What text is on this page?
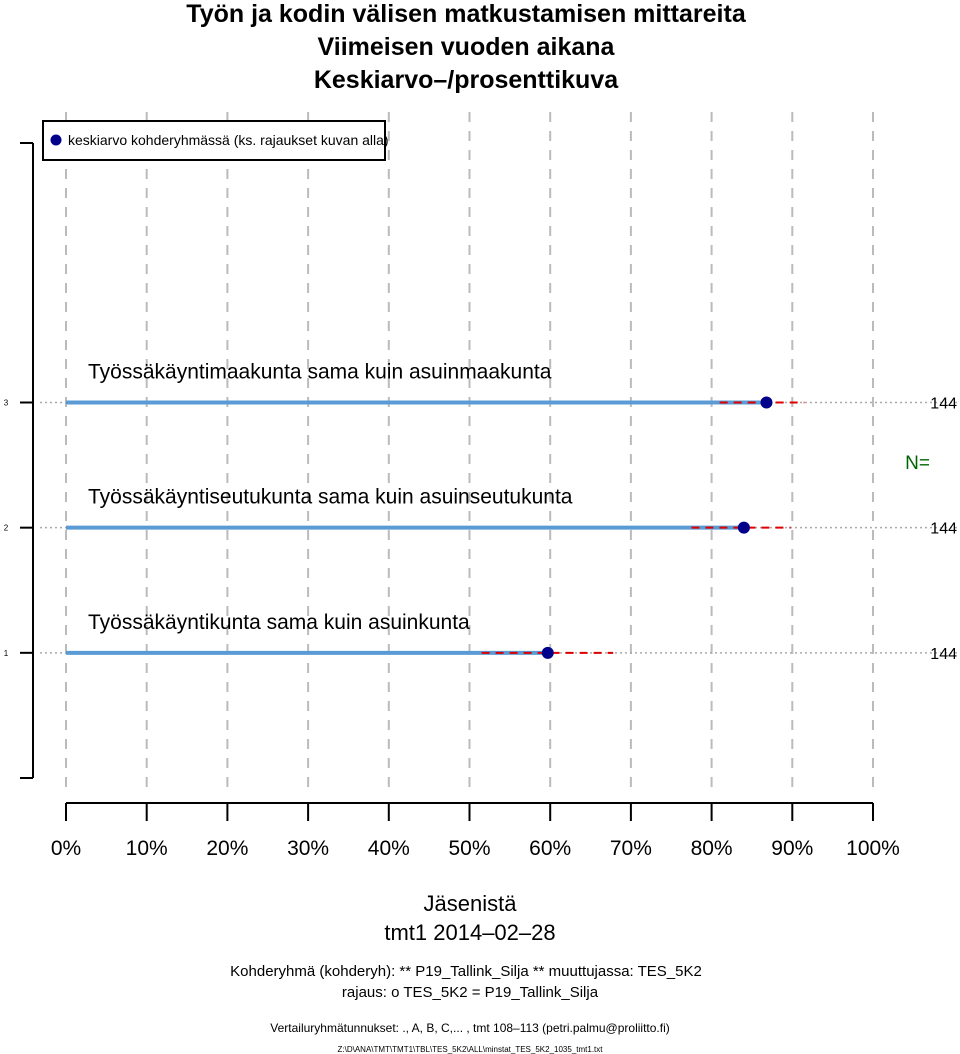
3
Työssäkäyntimaakunta sama kuin asuinmaakunta
144
2
Työssäkäyntiseutukunta sama kuin asuinseutukunta
144
1
Työssäkäyntikunta sama kuin asuinkunta
144
Työn ja kodin välisen matkustamisen mittareita
Viimeisen vuoden aikana
Keskiarvo–/prosenttikuva
keskiarvo kohderyhmässä (ks. rajaukset kuvan alla)
N=
0% 10% 20% 30% 40% 50% 60% 70% 80% 90% 100%
Jäsenistä
tmt1 2014–02–28
Kohderyhmä (kohderyh): ** P19_Tallink_Silja ** muuttujassa: TES_5K2
rajaus: o TES_5K2 = P19_Tallink_Silja
Vertailuryhmätunnukset: ., A, B, C,... , tmt 108–113 (petri.palmu@proliitto.fi)
Z:\D\ANA\TMT\TMT1\TBL\TES_5K2\ALL\minstat_TES_5K2_1035_tmt1.txt
